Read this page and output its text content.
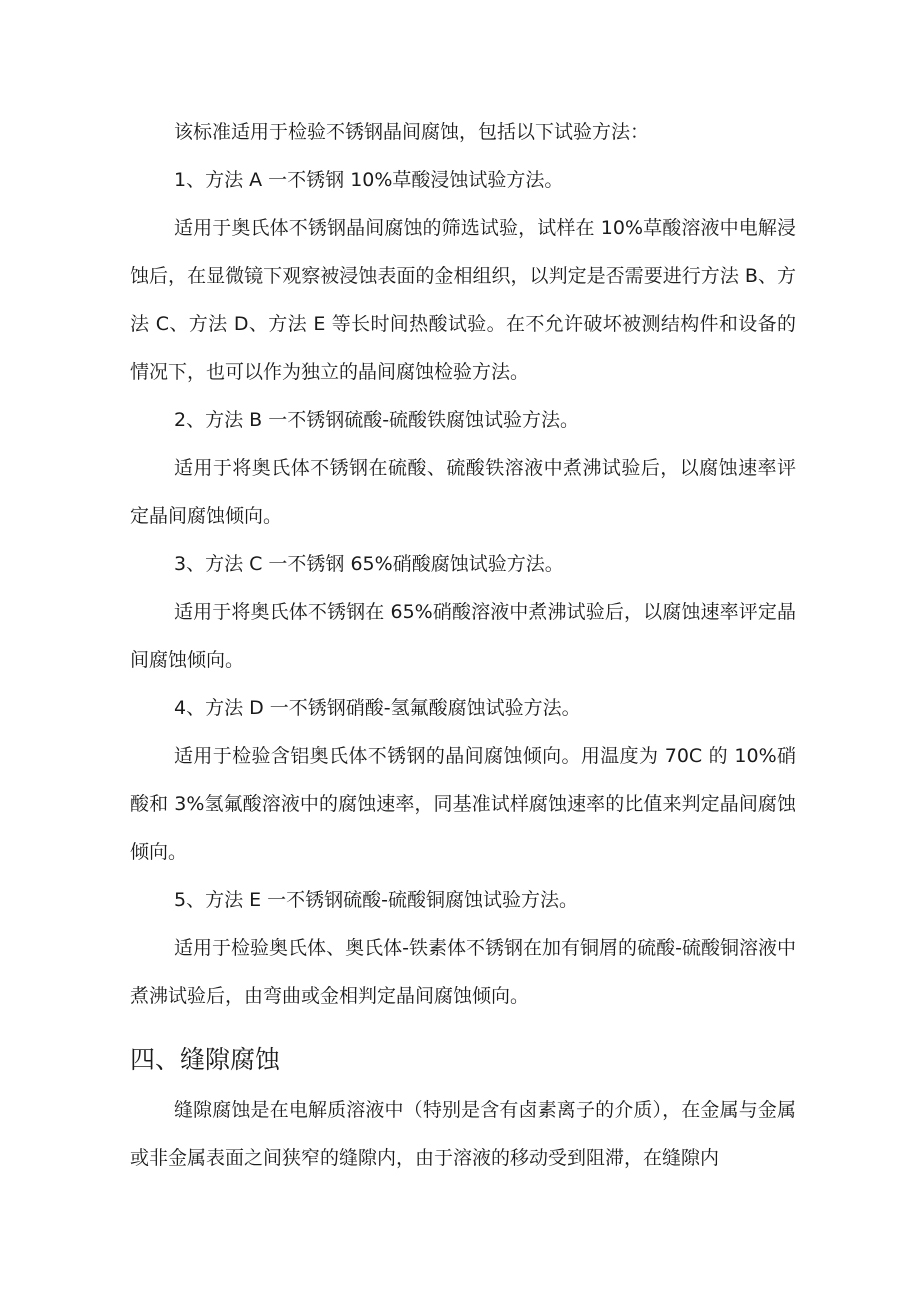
该标准适用于检验不锈钢晶间腐蚀，包括以下试验方法：

1、方法 A 一不锈钢 10%草酸浸蚀试验方法。

适用于奥氏体不锈钢晶间腐蚀的筛选试验，试样在 10%草酸溶液中电解浸蚀后，在显微镜下观察被浸蚀表面的金相组织，以判定是否需要进行方法 B、方法 C、方法 D、方法 E 等长时间热酸试验。在不允许破坏被测结构件和设备的情况下，也可以作为独立的晶间腐蚀检验方法。

2、方法 B 一不锈钢硫酸-硫酸铁腐蚀试验方法。

适用于将奥氏体不锈钢在硫酸、硫酸铁溶液中煮沸试验后，以腐蚀速率评定晶间腐蚀倾向。

3、方法 C 一不锈钢 65%硝酸腐蚀试验方法。

适用于将奥氏体不锈钢在 65%硝酸溶液中煮沸试验后，以腐蚀速率评定晶间腐蚀倾向。

4、方法 D 一不锈钢硝酸-氢氟酸腐蚀试验方法。

适用于检验含铝奥氏体不锈钢的晶间腐蚀倾向。用温度为 70C 的 10%硝酸和 3%氢氟酸溶液中的腐蚀速率，同基准试样腐蚀速率的比值来判定晶间腐蚀倾向。

5、方法 E 一不锈钢硫酸-硫酸铜腐蚀试验方法。

适用于检验奥氏体、奥氏体-铁素体不锈钢在加有铜屑的硫酸-硫酸铜溶液中煮沸试验后，由弯曲或金相判定晶间腐蚀倾向。

四、缝隙腐蚀

缝隙腐蚀是在电解质溶液中（特别是含有卤素离子的介质），在金属与金属或非金属表面之间狭窄的缝隙内，由于溶液的移动受到阻滞，在缝隙内
